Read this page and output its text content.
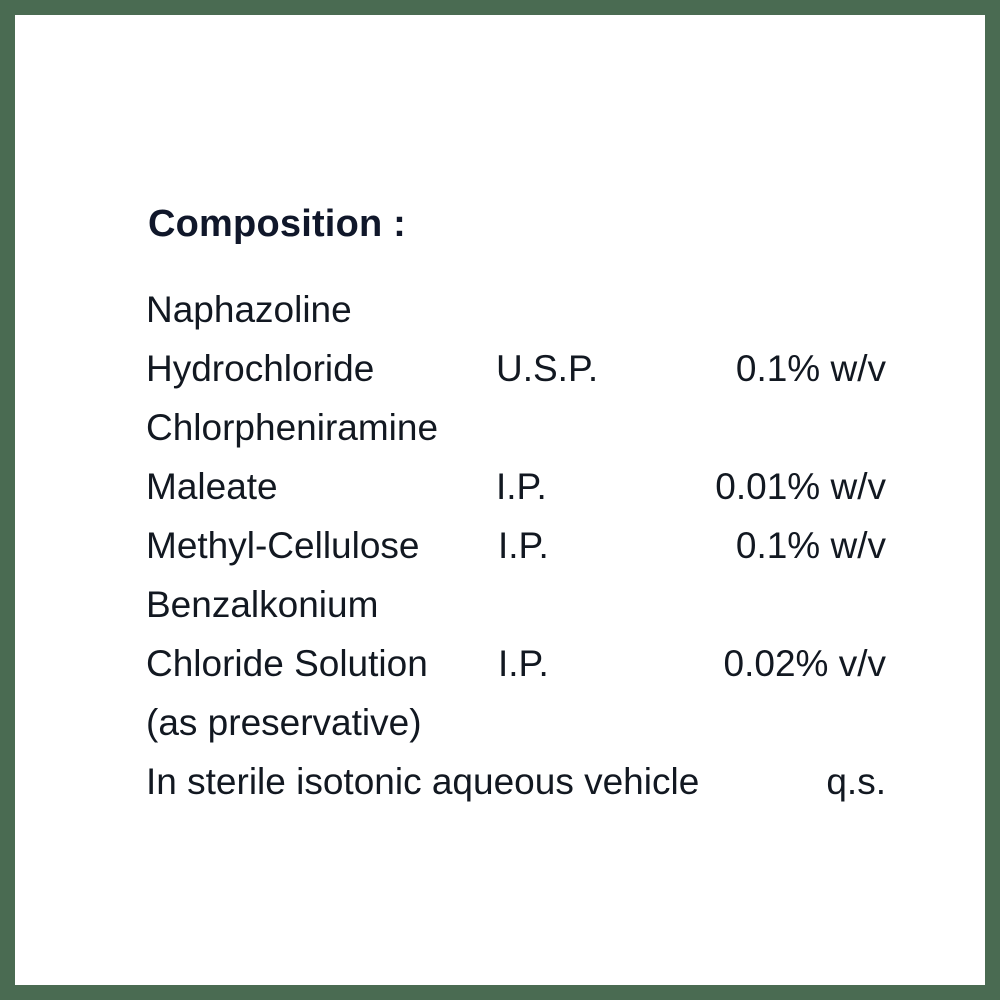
Composition :
Naphazoline
Hydrochloride	U.S.P.	0.1% w/v
Chlorpheniramine
Maleate	I.P.	0.01% w/v
Methyl-Cellulose I.P.	0.1% w/v
Benzalkonium
Chloride Solution I.P.	0.02% v/v
(as preservative)
In sterile isotonic aqueous vehicle	q.s.
